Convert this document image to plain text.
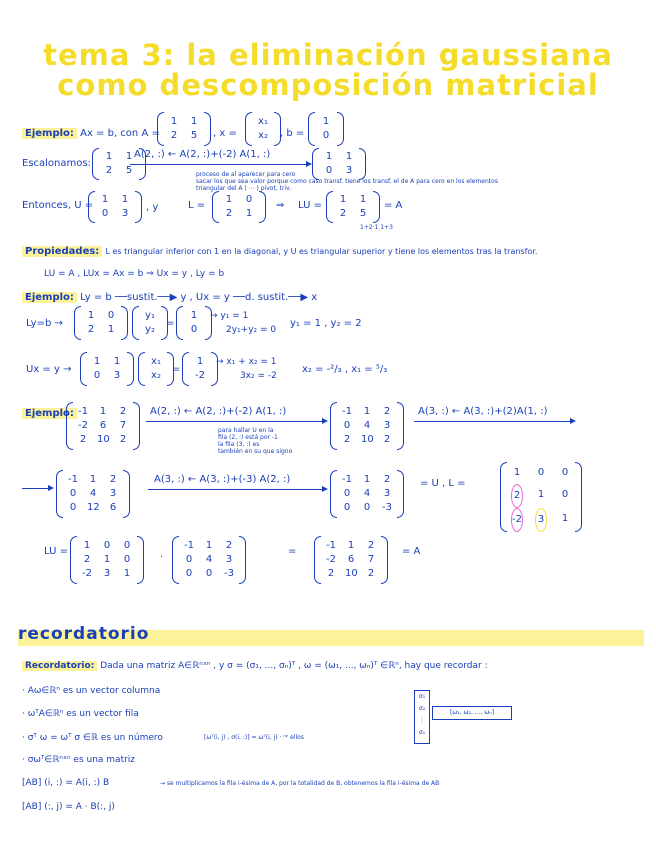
tema 3: la eliminación gaussiana
como descomposición matricial
Ejemplo: Ax = b, con A =
1 1
2 5 , x =
x₁
x₂ , b =
1
0
Escalonamos:
1 1
2 5
A(2, :) ← A(2, :)+(-2) A(1, :)	1 1
0 3
proceso de al aparecer para cero
sacar los que sea valor porque como caso transf. tiene los transf. el de A para cero en los elementos
triangular del A ( ⋯ ) pivot, triv.
Entonces, U =
1 1
0 3
, y	L =
1 0
2 1
⇒ LU =
1 1
2 5
= A
1+2·1 1+3
Propiedades: L es triangular inferior con 1 en la diagonal, y U es triangular superior y tiene los elementos tras la transfor.
LU = A , LUx = Ax = b ⇒ Ux = y , Ly = b
Ejemplo: Ly = b ──sustit.──▶ y , Ux = y ──d. sustit.──▶ x
Ly=b →
1 0
2 1
y₁
y₂
=
1
0
→ y₁ = 1
2y₁+y₂ = 0
y₁ = 1 , y₂ = 2
Ux = y →
1 1
0 3
x₁
x₂
=
1
-2
→ x₁ + x₂ = 1
3x₂ = -2
x₂ = -²/₃ , x₁ = ⁵/₃
Ejemplo: -1 1 2
-2 6 7
2 10 2
A(2, :) ← A(2, :)+(-2) A(1, :)
para hallar U en la
fila (2, :) está por -1
la fila (3, :) es
también en su que signo
-1 1 2
0 4 3
2 10 2
A(3, :) ← A(3, :)+(2)A(1, :)
-1 1 2
0 4 3
0 12 6
A(3, :) ← A(3, :)+(-3) A(2, :)	-1 1 2
0 4 3
0 0 -3
= U , L =
1 0 0
2 1 0
-2 3 1
LU =
1 0 0
2 1 0
-2 3 1
·
-1 1 2
0 4 3
0 0 -3
=
-1 1 2
-2 6 7
2 10 2
= A
recordatorio
Recordatorio: Dada una matriz A∈ℝⁿˣⁿ , y σ = (σ₁, ..., σₙ)ᵀ , ω = (ω₁, ..., ωₙ)ᵀ ∈ℝⁿ, hay que recordar :
· Aω∈ℝⁿ es un vector columna
· ωᵀA∈ℝⁿ es un vector fila
· σᵀ ω = ωᵀ σ ∈ℝ es un número	[ωᵀ(i, j) , σ(i, :)] = ωᵀ(i, j) · ⁿᵉ ellos
σ₁
σ₂
⋮
σₙ
[ω₁, ω₂, ..., ωₙ]
· σωᵀ∈ℝⁿˣⁿ es una matriz
[AB] (i, :) = A(i, :) B	→ se multiplicamos la fila i-ésima de A, por la totalidad de B, obtenemos la fila i-ésima de AB
[AB] (:, j) = A · B(:, j)
